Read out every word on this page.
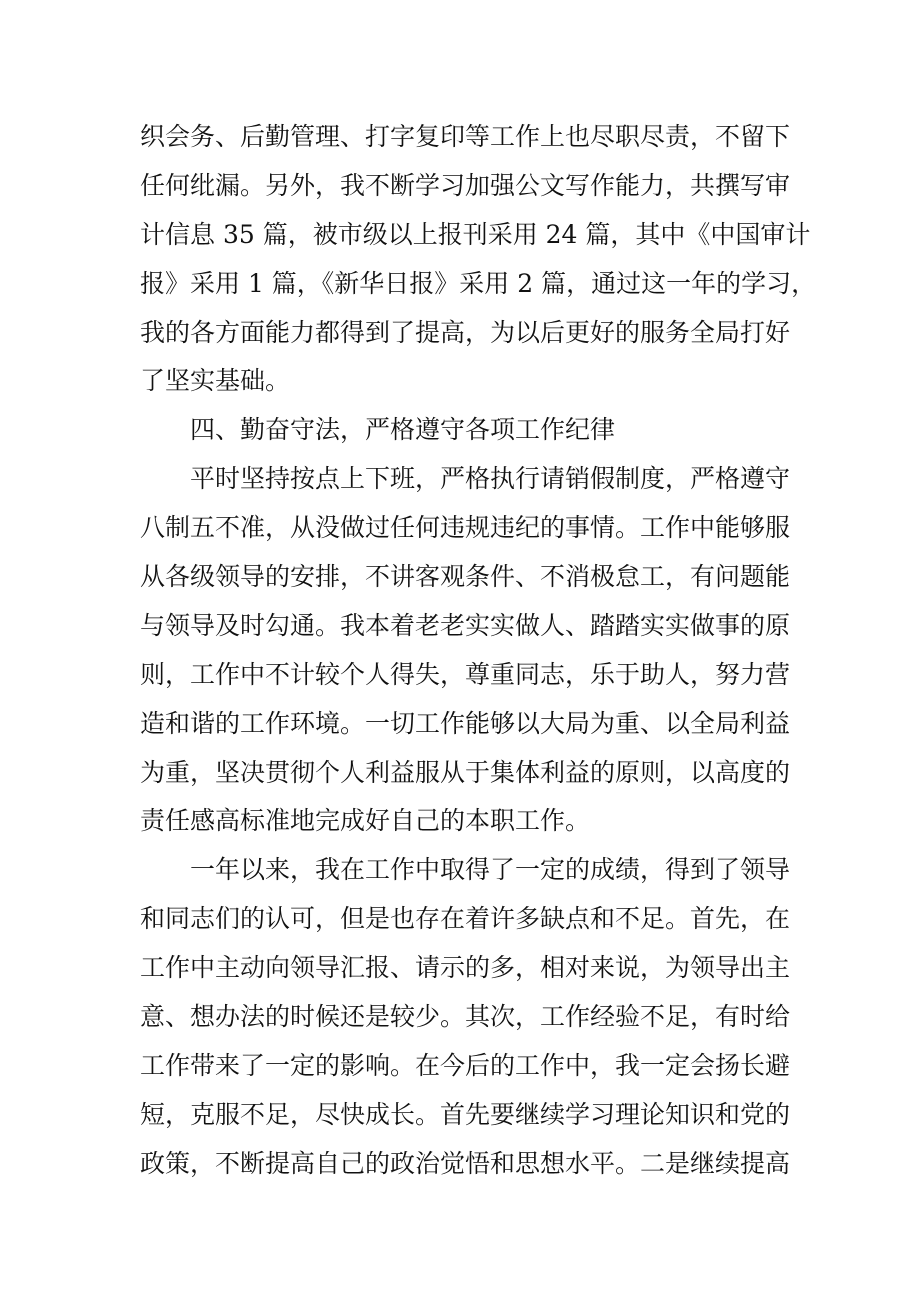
织会务、后勤管理、打字复印等工作上也尽职尽责，不留下
任何纰漏。另外，我不断学习加强公文写作能力，共撰写审
计信息 35 篇，被市级以上报刊采用 24 篇，其中《中国审计
报》采用 1 篇，《新华日报》采用 2 篇，通过这一年的学习，
我的各方面能力都得到了提高，为以后更好的服务全局打好
了坚实基础。
四、勤奋守法，严格遵守各项工作纪律
平时坚持按点上下班，严格执行请销假制度，严格遵守
八制五不准，从没做过任何违规违纪的事情。工作中能够服
从各级领导的安排，不讲客观条件、不消极怠工，有问题能
与领导及时勾通。我本着老老实实做人、踏踏实实做事的原
则，工作中不计较个人得失，尊重同志，乐于助人，努力营
造和谐的工作环境。一切工作能够以大局为重、以全局利益
为重，坚决贯彻个人利益服从于集体利益的原则，以高度的
责任感高标准地完成好自己的本职工作。
一年以来，我在工作中取得了一定的成绩，得到了领导
和同志们的认可，但是也存在着许多缺点和不足。首先，在
工作中主动向领导汇报、请示的多，相对来说，为领导出主
意、想办法的时候还是较少。其次，工作经验不足，有时给
工作带来了一定的影响。在今后的工作中，我一定会扬长避
短，克服不足，尽快成长。首先要继续学习理论知识和党的
政策，不断提高自己的政治觉悟和思想水平。二是继续提高
